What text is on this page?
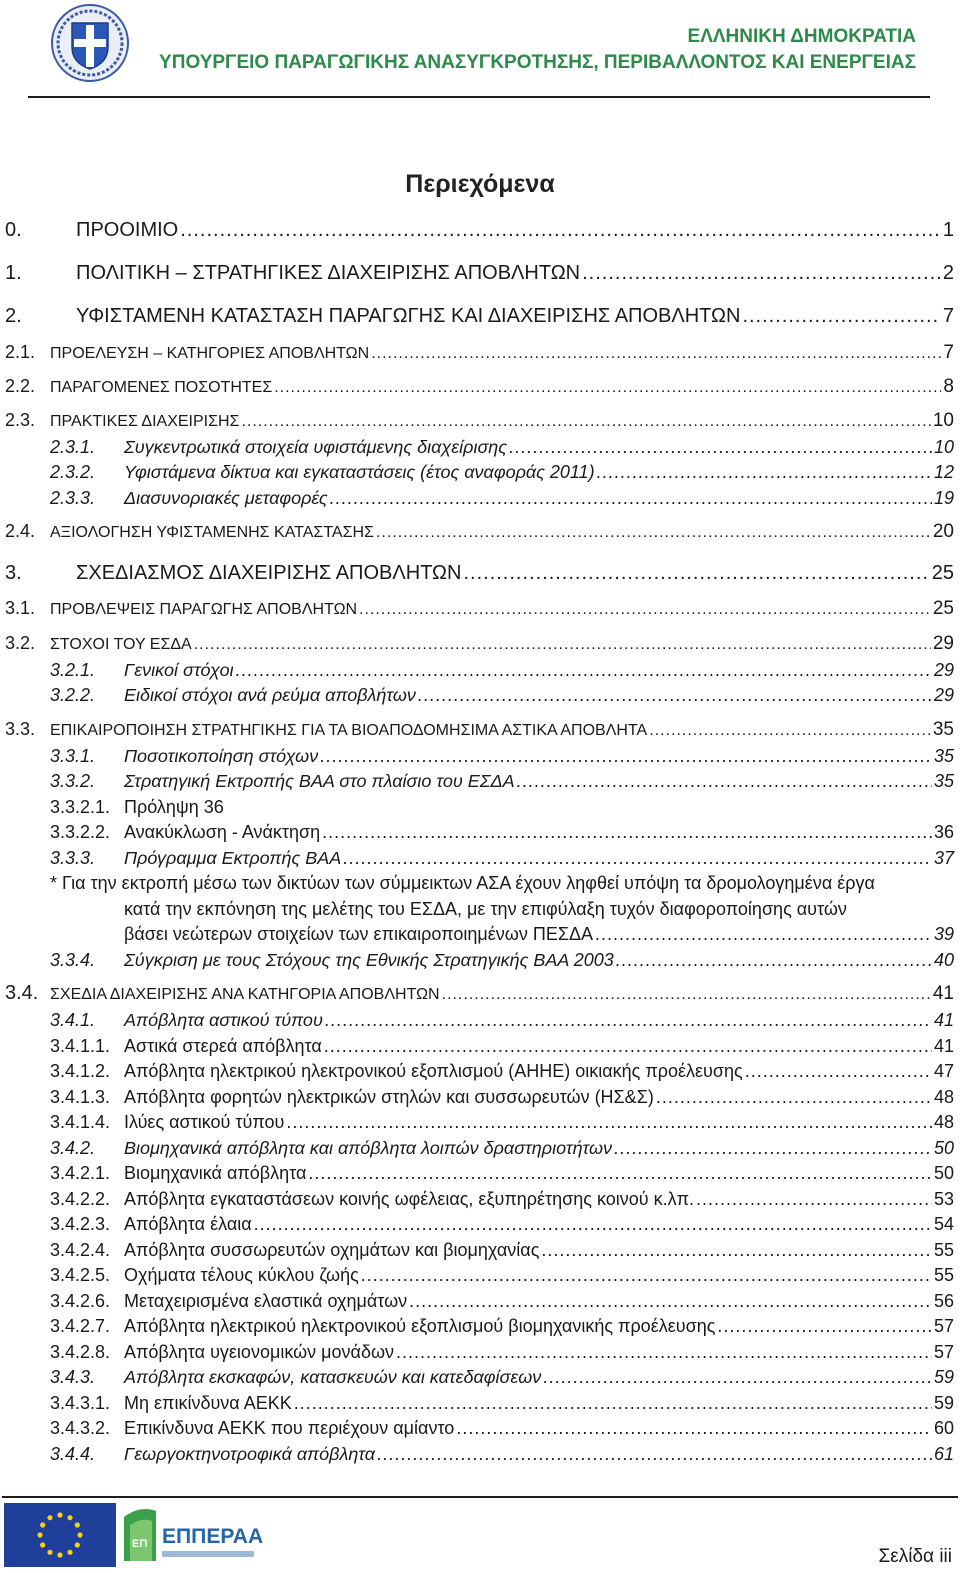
ΕΛΛΗΝΙΚΗ ΔΗΜΟΚΡΑΤΙΑ
ΥΠΟΥΡΓΕΙΟ ΠΑΡΑΓΩΓΙΚΗΣ ΑΝΑΣΥΓΚΡΟΤΗΣΗΣ, ΠΕΡΙΒΑΛΛΟΝΤΟΣ ΚΑΙ ΕΝΕΡΓΕΙΑΣ
Περιεχόμενα
0.	ΠΡΟΟΙΜΙΟ .....	1
1.	ΠΟΛΙΤΙΚΗ – ΣΤΡΑΤΗΓΙΚΕΣ ΔΙΑΧΕΙΡΙΣΗΣ ΑΠΟΒΛΗΤΩΝ .....	2
2.	ΥΦΙΣΤΑΜΕΝΗ ΚΑΤΑΣΤΑΣΗ ΠΑΡΑΓΩΓΗΣ ΚΑΙ ΔΙΑΧΕΙΡΙΣΗΣ ΑΠΟΒΛΗΤΩΝ .....	7
2.1. ΠΡΟΕΛΕΥΣΗ – ΚΑΤΗΓΟΡΙΕΣ ΑΠΟΒΛΗΤΩΝ .....	7
2.2. ΠΑΡΑΓΟΜΕΝΕΣ ΠΟΣΟΤΗΤΕΣ .....	8
2.3. ΠΡΑΚΤΙΚΕΣ ΔΙΑΧΕΙΡΙΣΗΣ .....	10
2.3.1.	Συγκεντρωτικά στοιχεία υφιστάμενης διαχείρισης .....	10
2.3.2.	Υφιστάμενα δίκτυα και εγκαταστάσεις (έτος αναφοράς 2011) .....	12
2.3.3.	Διασυνοριακές μεταφορές .....	19
2.4. ΑΞΙΟΛΟΓΗΣΗ ΥΦΙΣΤΑΜΕΝΗΣ ΚΑΤΑΣΤΑΣΗΣ .....	20
3.	ΣΧΕΔΙΑΣΜΟΣ ΔΙΑΧΕΙΡΙΣΗΣ ΑΠΟΒΛΗΤΩΝ .....	25
3.1. ΠΡΟΒΛΕΨΕΙΣ ΠΑΡΑΓΩΓΗΣ ΑΠΟΒΛΗΤΩΝ .....	25
3.2. ΣΤΟΧΟΙ ΤΟΥ ΕΣΔΑ .....	29
3.2.1.	Γενικοί στόχοι .....	29
3.2.2.	Ειδικοί στόχοι ανά ρεύμα αποβλήτων .....	29
3.3. ΕΠΙΚΑΙΡΟΠΟΙΗΣΗ ΣΤΡΑΤΗΓΙΚΗΣ ΓΙΑ ΤΑ ΒΙΟΑΠΟΔΟΜΗΣΙΜΑ ΑΣΤΙΚΑ ΑΠΟΒΛΗΤΑ .....	35
3.3.1.	Ποσοτικοποίηση στόχων .....	35
3.3.2.	Στρατηγική Εκτροπής ΒΑΑ στο πλαίσιο του ΕΣΔΑ .....	35
3.3.2.1. Πρόληψη 36
3.3.2.2. Ανακύκλωση - Ανάκτηση .....	36
3.3.3.	Πρόγραμμα Εκτροπής ΒΑΑ .....	37
* Για την εκτροπή μέσω των δικτύων των σύμμεικτων ΑΣΑ έχουν ληφθεί υπόψη τα δρομολογημένα έργα
κατά την εκπόνηση της μελέτης του ΕΣΔΑ, με την επιφύλαξη τυχόν διαφοροποίησης αυτών
βάσει νεώτερων στοιχείων των επικαιροποιημένων ΠΕΣΔΑ .....	39
3.3.4.	Σύγκριση με τους Στόχους της Εθνικής Στρατηγικής ΒΑΑ 2003 .....	40
3.4. ΣΧΕΔΙΑ ΔΙΑΧΕΙΡΙΣΗΣ ΑΝΑ ΚΑΤΗΓΟΡΙΑ ΑΠΟΒΛΗΤΩΝ .....	41
3.4.1.	Απόβλητα αστικού τύπου .....	41
3.4.1.1. Αστικά στερεά απόβλητα .....	41
3.4.1.2. Απόβλητα ηλεκτρικού ηλεκτρονικού εξοπλισμού (ΑΗΗΕ) οικιακής προέλευσης .....	47
3.4.1.3. Απόβλητα φορητών ηλεκτρικών στηλών και συσσωρευτών (ΗΣ&Σ) .....	48
3.4.1.4. Ιλύες αστικού τύπου .....	48
3.4.2.	Βιομηχανικά απόβλητα και απόβλητα λοιπών δραστηριοτήτων .....	50
3.4.2.1. Βιομηχανικά απόβλητα .....	50
3.4.2.2. Απόβλητα εγκαταστάσεων κοινής ωφέλειας, εξυπηρέτησης κοινού κ.λπ. .....	53
3.4.2.3. Απόβλητα έλαια .....	54
3.4.2.4. Απόβλητα συσσωρευτών οχημάτων και βιομηχανίας .....	55
3.4.2.5. Οχήματα τέλους κύκλου ζωής .....	55
3.4.2.6. Μεταχειρισμένα ελαστικά οχημάτων .....	56
3.4.2.7. Απόβλητα ηλεκτρικού ηλεκτρονικού εξοπλισμού βιομηχανικής προέλευσης .....	57
3.4.2.8. Απόβλητα υγειονομικών μονάδων .....	57
3.4.3.	Απόβλητα εκσκαφών, κατασκευών και κατεδαφίσεων .....	59
3.4.3.1. Μη επικίνδυνα ΑΕΚΚ .....	59
3.4.3.2. Επικίνδυνα ΑΕΚΚ που περιέχουν αμίαντο .....	60
3.4.4.	Γεωργοκτηνοτροφικά απόβλητα .....	61
ΕΠ ΕΠΠΕΡΑΑ
Σελίδα iii
